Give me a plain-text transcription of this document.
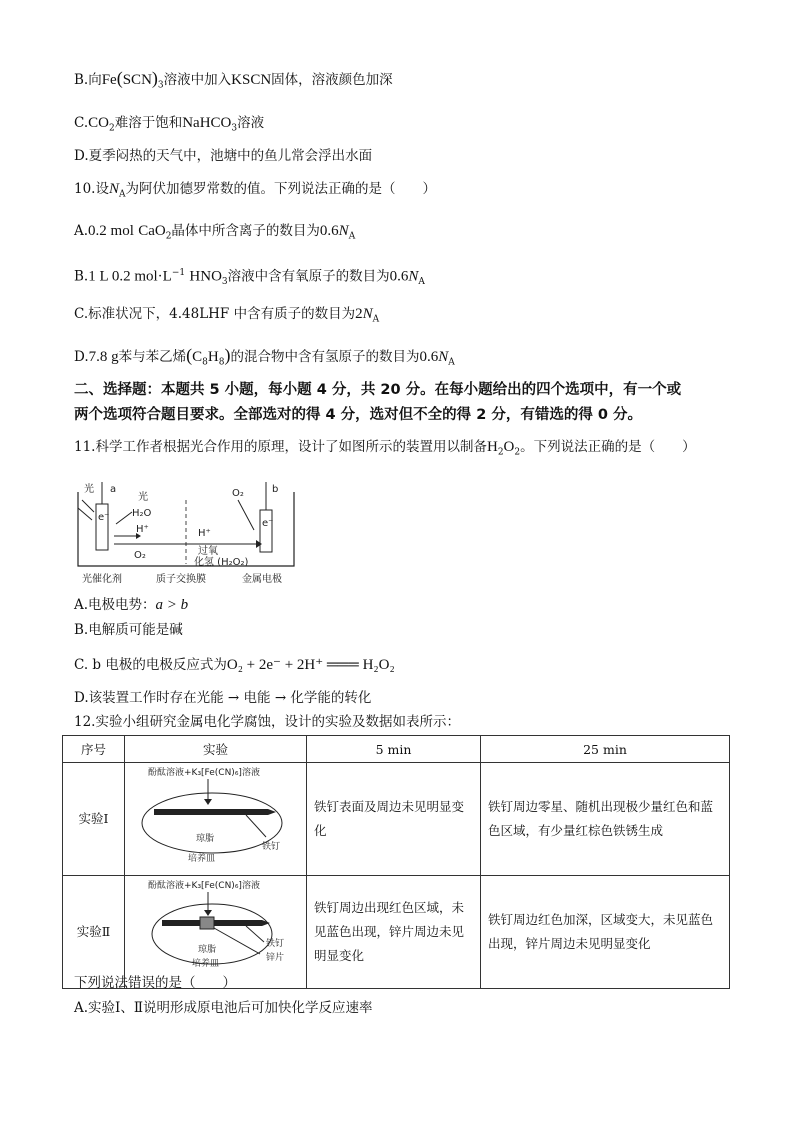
B.向$Fe(SCN)_3$溶液中加入KSCN固体，溶液颜色加深
$C.CO_2$难溶于饱和NaHCO$_3$溶液
D.夏季闷热的天气中，池塘中的鱼儿常会浮出水面
10.设$N_A$为阿伏加德罗常数的值。下列说法正确的是（　　）
A.0.2 mol CaO$_2$晶体中所含离子的数目为$0.6N_A$
B.1 L 0.2 $mol\cdot L^{-1}$ $HNO_3$溶液中含有氧原子的数目为$0.6N_A$
C.标准状况下，4.48LHF 中含有质子的数目为$2N_A$
D.7.8 g苯与苯乙烯$(C_8H_8)$的混合物中含有氢原子的数目为$0.6N_A$
二、选择题：本题共 5 小题，每小题 4 分，共 20 分。在每小题给出的四个选项中，有一个或
两个选项符合题目要求。全部选对的得 4 分，选对但不全的得 2 分，有错选的得 0 分。
11.科学工作者根据光合作用的原理，设计了如图所示的装置用以制备$H_2O_2$。下列说法正确的是（　　）
光 a
e⁻
光
H₂O
H⁺
O₂
H⁺
过氧
化氢 (H₂O₂)
O₂	b
e⁻
光催化剂	质子交换膜	金属电极
A.电极电势：a > b
B.电解质可能是碱
C. b 电极的电极反应式为O₂ + 2e⁻ + 2H⁺ ═══ H₂O₂
D.该装置工作时存在光能 → 电能 → 化学能的转化
12.实验小组研究金属电化学腐蚀，设计的实验及数据如表所示：
序号	实验	5 min	25 min
实验Ⅰ	酚酞溶液+K₃[Fe(CN)₆]溶液
琼脂
培养皿
铁钉	铁钉表面及周边未见明显变化	铁钉周边零星、随机出现极少量红色和蓝色区域，有少量红棕色铁锈生成
实验Ⅱ	酚酞溶液+K₃[Fe(CN)₆]溶液
琼脂
培养皿
铁钉
锌片	铁钉周边出现红色区域，未见蓝色出现，锌片周边未见明显变化	铁钉周边红色加深，区域变大，未见蓝色出现，锌片周边未见明显变化
下列说法错误的是（　　）
A.实验Ⅰ、Ⅱ说明形成原电池后可加快化学反应速率
